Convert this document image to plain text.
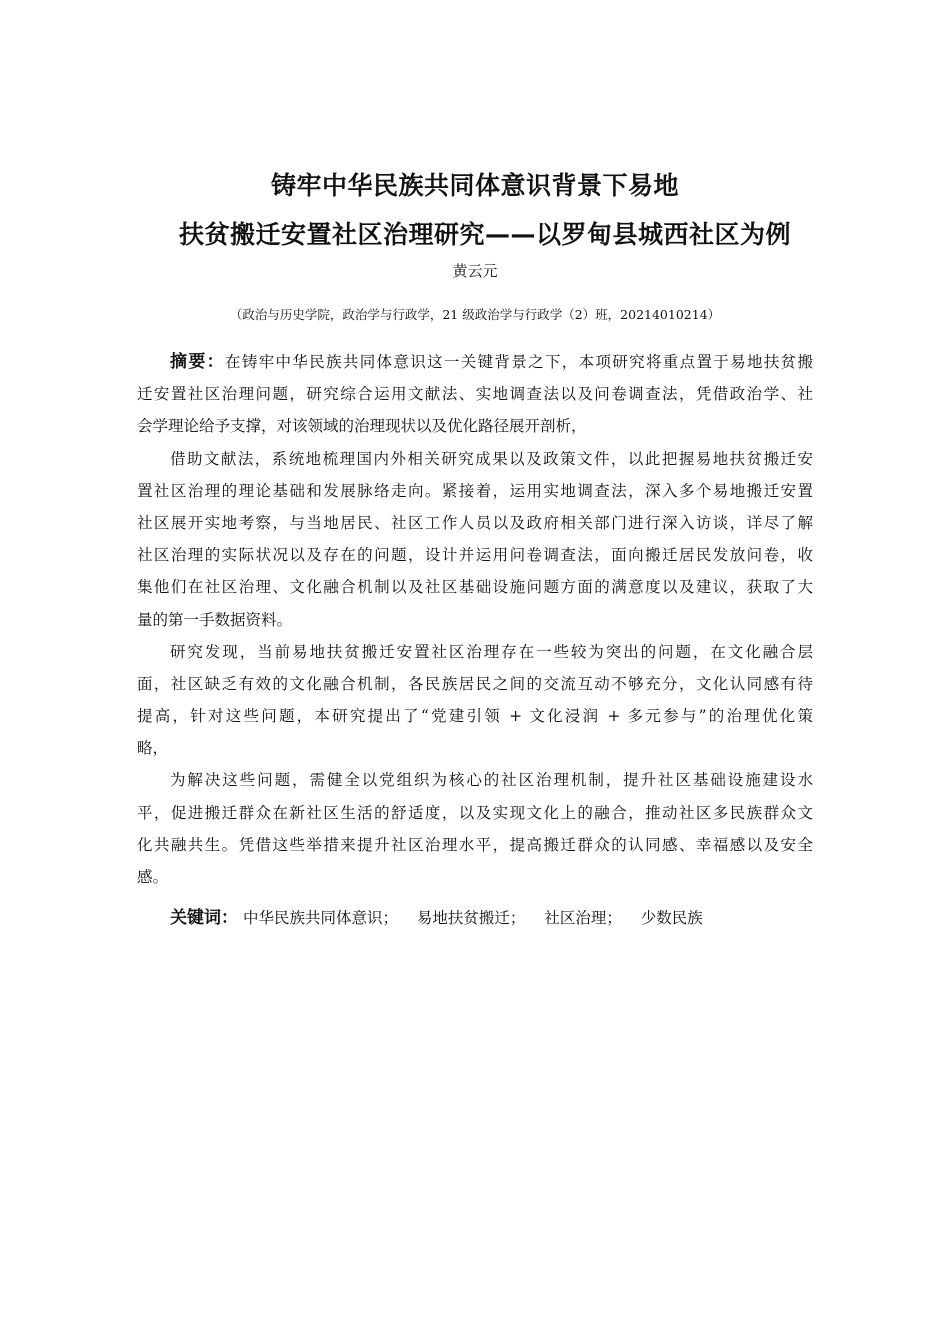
铸牢中华民族共同体意识背景下易地
扶贫搬迁安置社区治理研究——以罗甸县城西社区为例
黄云元
（政治与历史学院，政治学与行政学，21 级政治学与行政学（2）班，20214010214）
摘要：在铸牢中华民族共同体意识这一关键背景之下，本项研究将重点置于易地扶贫搬
迁安置社区治理问题，研究综合运用文献法、实地调查法以及问卷调查法，凭借政治学、社
会学理论给予支撑，对该领域的治理现状以及优化路径展开剖析，
借助文献法，系统地梳理国内外相关研究成果以及政策文件，以此把握易地扶贫搬迁安
置社区治理的理论基础和发展脉络走向。紧接着，运用实地调查法，深入多个易地搬迁安置
社区展开实地考察，与当地居民、社区工作人员以及政府相关部门进行深入访谈，详尽了解
社区治理的实际状况以及存在的问题，设计并运用问卷调查法，面向搬迁居民发放问卷，收
集他们在社区治理、文化融合机制以及社区基础设施问题方面的满意度以及建议，获取了大
量的第一手数据资料。
研究发现，当前易地扶贫搬迁安置社区治理存在一些较为突出的问题，在文化融合层
面，社区缺乏有效的文化融合机制，各民族居民之间的交流互动不够充分，文化认同感有待
提高，针对这些问题，本研究提出了“党建引领 + 文化浸润 + 多元参与”的治理优化策
略，
为解决这些问题，需健全以党组织为核心的社区治理机制，提升社区基础设施建设水
平，促进搬迁群众在新社区生活的舒适度，以及实现文化上的融合，推动社区多民族群众文
化共融共生。凭借这些举措来提升社区治理水平，提高搬迁群众的认同感、幸福感以及安全
感。
关键词： 中华民族共同体意识； 易地扶贫搬迁； 社区治理； 少数民族
